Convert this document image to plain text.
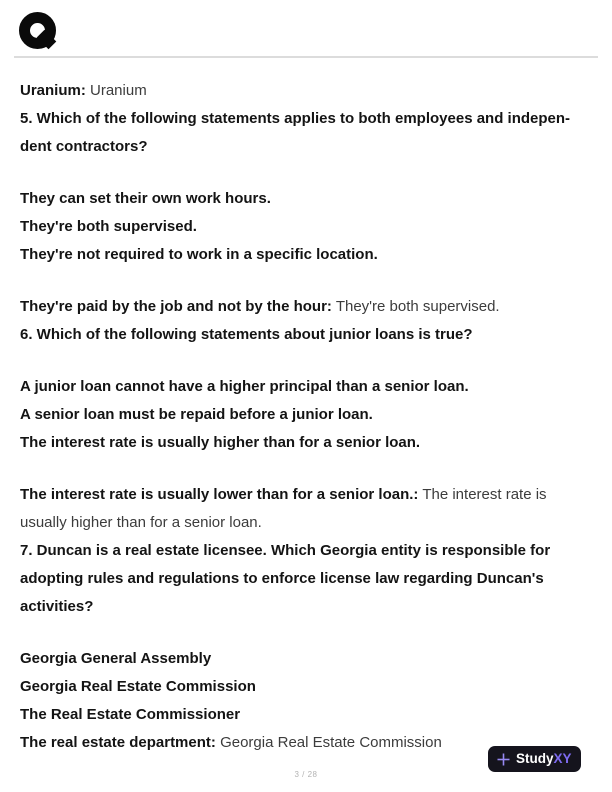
Uranium: Uranium
5. Which of the following statements applies to both employees and indepen-
dent contractors?
They can set their own work hours.
They're both supervised.
They're not required to work in a specific location.
They're paid by the job and not by the hour: They're both supervised.
6. Which of the following statements about junior loans is true?
A junior loan cannot have a higher principal than a senior loan.
A senior loan must be repaid before a junior loan.
The interest rate is usually higher than for a senior loan.
The interest rate is usually lower than for a senior loan.: The interest rate is
usually higher than for a senior loan.
7. Duncan is a real estate licensee. Which Georgia entity is responsible for
adopting rules and regulations to enforce license law regarding Duncan's
activities?
Georgia General Assembly
Georgia Real Estate Commission
The Real Estate Commissioner
The real estate department: Georgia Real Estate Commission
3 / 28
StudyXY
